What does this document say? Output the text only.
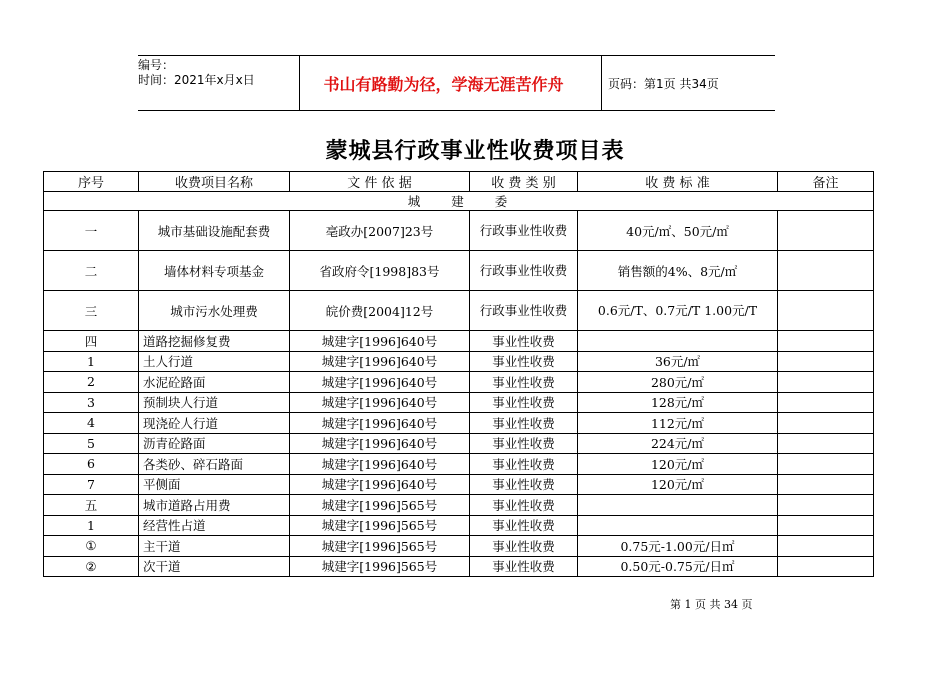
编号：
时间：2021年x月x日	书山有路勤为径，学海无涯苦作舟	页码：第1页 共34页
蒙城县行政事业性收费项目表
序号	收费项目名称	文 件 依 据	收 费 类 别	收 费 标 准	备注
城　　建　　委					
一	城市基础设施配套费	亳政办[2007]23号	行政事业性收费	40元/㎡、50元/㎡	
二	墙体材料专项基金	省政府令[1998]83号	行政事业性收费	销售额的4%、8元/㎡	
三	城市污水处理费	皖价费[2004]12号	行政事业性收费	0.6元/T、0.7元/T 1.00元/T	
四	道路挖掘修复费	城建字[1996]640号	事业性收费		
1	土人行道	城建字[1996]640号	事业性收费	36元/㎡	
2	水泥砼路面	城建字[1996]640号	事业性收费	280元/㎡	
3	预制块人行道	城建字[1996]640号	事业性收费	128元/㎡	
4	现浇砼人行道	城建字[1996]640号	事业性收费	112元/㎡	
5	沥青砼路面	城建字[1996]640号	事业性收费	224元/㎡	
6	各类砂、碎石路面	城建字[1996]640号	事业性收费	120元/㎡	
7	平侧面	城建字[1996]640号	事业性收费	120元/㎡	
五	城市道路占用费	城建字[1996]565号	事业性收费		
1	经营性占道	城建字[1996]565号	事业性收费		
①	主干道	城建字[1996]565号	事业性收费	0.75元-1.00元/日㎡	
②	次干道	城建字[1996]565号	事业性收费	0.50元-0.75元/日㎡	
第 1 页 共 34 页
